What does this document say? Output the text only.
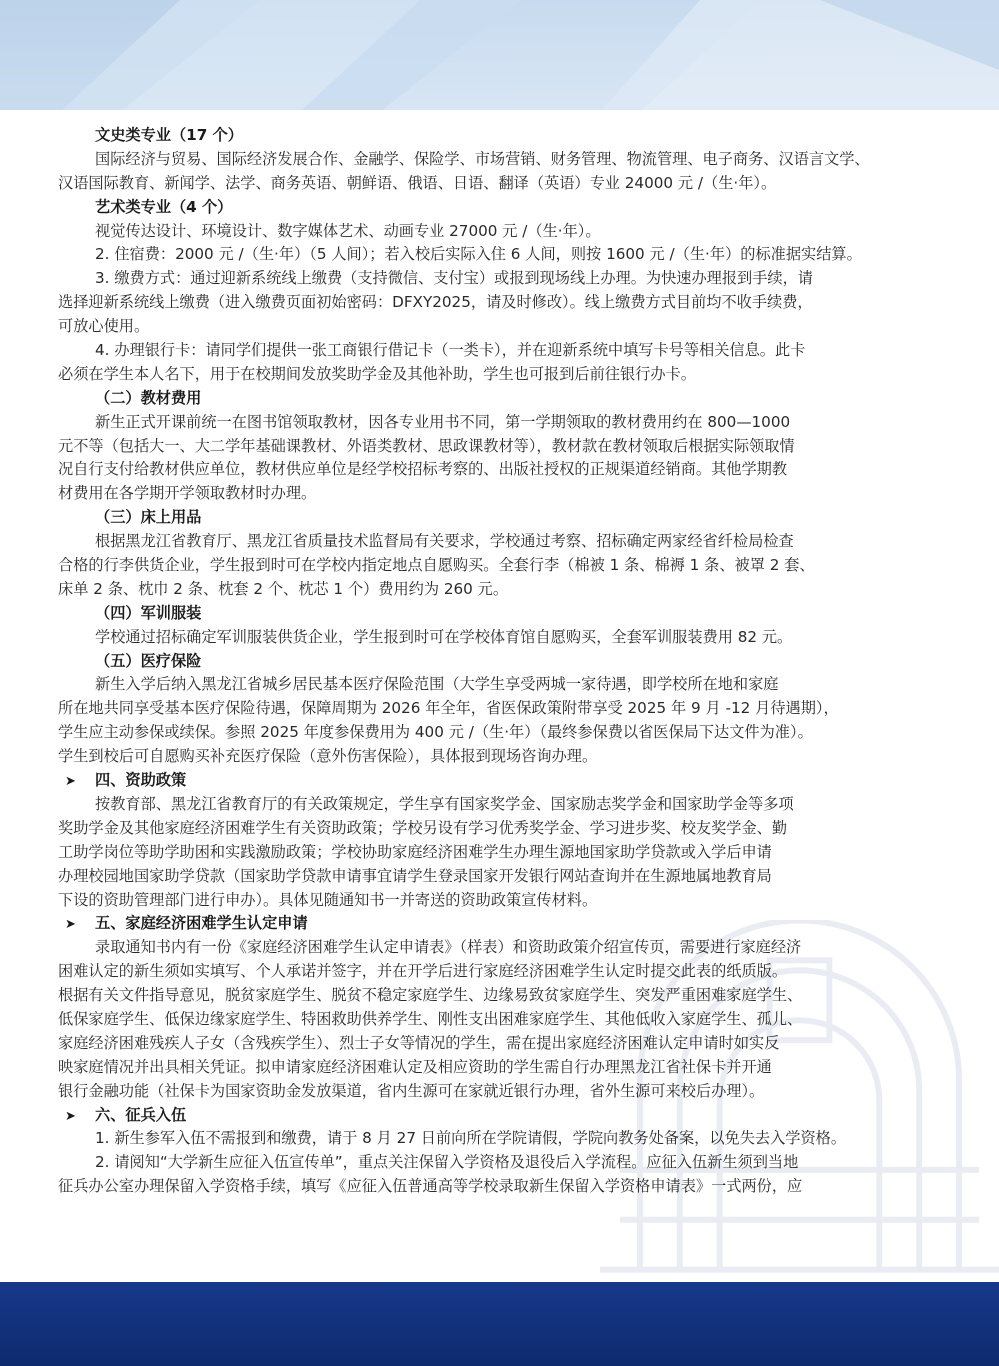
文史类专业（17 个）
国际经济与贸易、国际经济发展合作、金融学、保险学、市场营销、财务管理、物流管理、电子商务、汉语言文学、
汉语国际教育、新闻学、法学、商务英语、朝鲜语、俄语、日语、翻译（英语）专业 24000 元 /（生·年）。
艺术类专业（4 个）
视觉传达设计、环境设计、数字媒体艺术、动画专业 27000 元 /（生·年）。
2. 住宿费：2000 元 /（生·年）（5 人间）；若入校后实际入住 6 人间，则按 1600 元 /（生·年）的标准据实结算。
3. 缴费方式：通过迎新系统线上缴费（支持微信、支付宝）或报到现场线上办理。为快速办理报到手续，请
选择迎新系统线上缴费（进入缴费页面初始密码：DFXY2025，请及时修改）。线上缴费方式目前均不收手续费，
可放心使用。
4. 办理银行卡：请同学们提供一张工商银行借记卡（一类卡），并在迎新系统中填写卡号等相关信息。此卡
必须在学生本人名下，用于在校期间发放奖助学金及其他补助，学生也可报到后前往银行办卡。
（二）教材费用
新生正式开课前统一在图书馆领取教材，因各专业用书不同，第一学期领取的教材费用约在 800—1000
元不等（包括大一、大二学年基础课教材、外语类教材、思政课教材等），教材款在教材领取后根据实际领取情
况自行支付给教材供应单位，教材供应单位是经学校招标考察的、出版社授权的正规渠道经销商。其他学期教
材费用在各学期开学领取教材时办理。
（三）床上用品
根据黑龙江省教育厅、黑龙江省质量技术监督局有关要求，学校通过考察、招标确定两家经省纤检局检查
合格的行李供货企业，学生报到时可在学校内指定地点自愿购买。全套行李（棉被 1 条、棉褥 1 条、被罩 2 套、
床单 2 条、枕巾 2 条、枕套 2 个、枕芯 1 个）费用约为 260 元。
（四）军训服装
学校通过招标确定军训服装供货企业，学生报到时可在学校体育馆自愿购买，全套军训服装费用 82 元。
（五）医疗保险
新生入学后纳入黑龙江省城乡居民基本医疗保险范围（大学生享受两城一家待遇，即学校所在地和家庭
所在地共同享受基本医疗保险待遇，保障周期为 2026 年全年，省医保政策附带享受 2025 年 9 月 -12 月待遇期），
学生应主动参保或续保。参照 2025 年度参保费用为 400 元 /（生·年）（最终参保费以省医保局下达文件为准）。
学生到校后可自愿购买补充医疗保险（意外伤害保险），具体报到现场咨询办理。
➤ 四、资助政策
按教育部、黑龙江省教育厅的有关政策规定，学生享有国家奖学金、国家励志奖学金和国家助学金等多项
奖助学金及其他家庭经济困难学生有关资助政策；学校另设有学习优秀奖学金、学习进步奖、校友奖学金、勤
工助学岗位等助学助困和实践激励政策；学校协助家庭经济困难学生办理生源地国家助学贷款或入学后申请
办理校园地国家助学贷款（国家助学贷款申请事宜请学生登录国家开发银行网站查询并在生源地属地教育局
下设的资助管理部门进行申办）。具体见随通知书一并寄送的资助政策宣传材料。
➤ 五、家庭经济困难学生认定申请
录取通知书内有一份《家庭经济困难学生认定申请表》（样表）和资助政策介绍宣传页，需要进行家庭经济
困难认定的新生须如实填写、个人承诺并签字，并在开学后进行家庭经济困难学生认定时提交此表的纸质版。
根据有关文件指导意见，脱贫家庭学生、脱贫不稳定家庭学生、边缘易致贫家庭学生、突发严重困难家庭学生、
低保家庭学生、低保边缘家庭学生、特困救助供养学生、刚性支出困难家庭学生、其他低收入家庭学生、孤儿、
家庭经济困难残疾人子女（含残疾学生）、烈士子女等情况的学生，需在提出家庭经济困难认定申请时如实反
映家庭情况并出具相关凭证。拟申请家庭经济困难认定及相应资助的学生需自行办理黑龙江省社保卡并开通
银行金融功能（社保卡为国家资助金发放渠道，省内生源可在家就近银行办理，省外生源可来校后办理）。
➤ 六、征兵入伍
1. 新生参军入伍不需报到和缴费，请于 8 月 27 日前向所在学院请假，学院向教务处备案，以免失去入学资格。
2. 请阅知“大学新生应征入伍宣传单”，重点关注保留入学资格及退役后入学流程。应征入伍新生须到当地
征兵办公室办理保留入学资格手续，填写《应征入伍普通高等学校录取新生保留入学资格申请表》一式两份，应
